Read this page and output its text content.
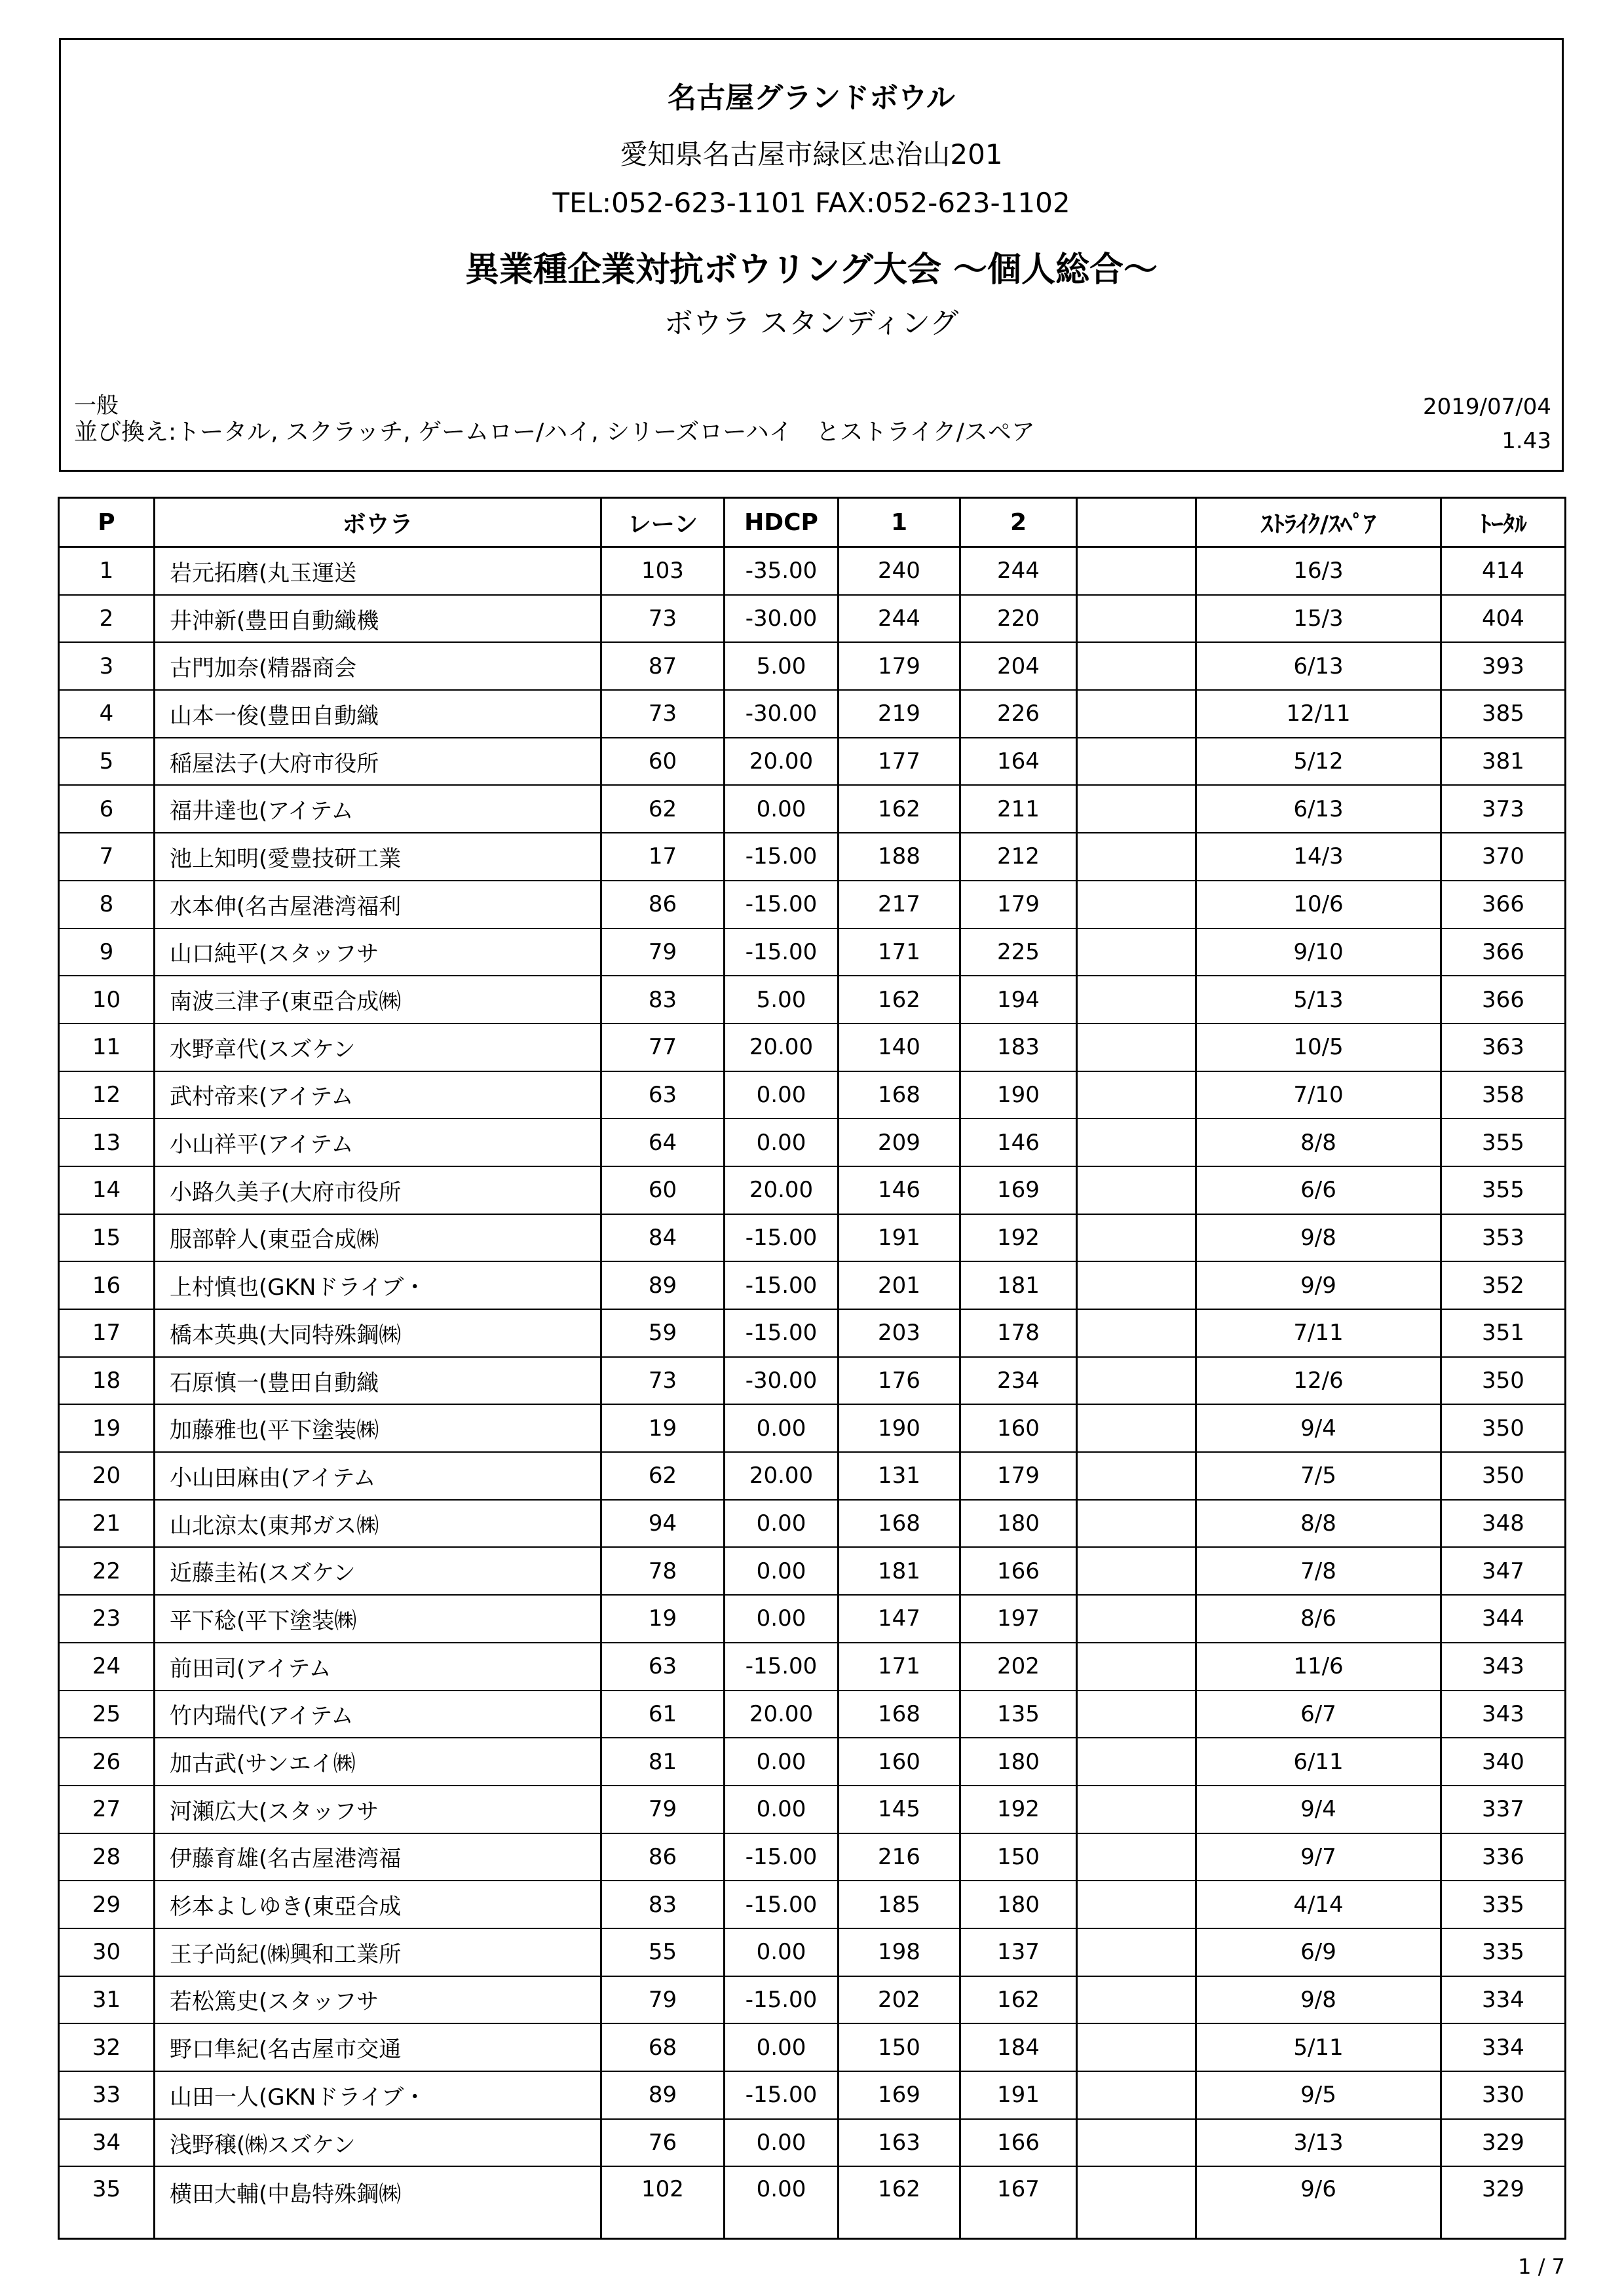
名古屋グランドボウル
愛知県名古屋市緑区忠治山201
TEL:052-623-1101 FAX:052-623-1102
異業種企業対抗ボウリング大会 ～個人総合～
ボウラ スタンディング
一般
並び換え:トータル, スクラッチ, ゲームロー/ハイ, シリーズローハイ　とストライク/スペア
2019/07/04
1.43
P	ボウラ	レーン	HDCP	1	2		ｽﾄﾗｲｸ/ｽﾍﾟｱ	ﾄｰﾀﾙ
1	岩元拓磨(丸玉運送	103	-35.00	240	244		16/3	414
2	井沖新(豊田自動織機	73	-30.00	244	220		15/3	404
3	古門加奈(精器商会	87	5.00	179	204		6/13	393
4	山本一俊(豊田自動織	73	-30.00	219	226		12/11	385
5	稲屋法子(大府市役所	60	20.00	177	164		5/12	381
6	福井達也(アイテム	62	0.00	162	211		6/13	373
7	池上知明(愛豊技研工業	17	-15.00	188	212		14/3	370
8	水本伸(名古屋港湾福利	86	-15.00	217	179		10/6	366
9	山口純平(スタッフサ	79	-15.00	171	225		9/10	366
10	南波三津子(東亞合成㈱	83	5.00	162	194		5/13	366
11	水野章代(スズケン	77	20.00	140	183		10/5	363
12	武村帝来(アイテム	63	0.00	168	190		7/10	358
13	小山祥平(アイテム	64	0.00	209	146		8/8	355
14	小路久美子(大府市役所	60	20.00	146	169		6/6	355
15	服部幹人(東亞合成㈱	84	-15.00	191	192		9/8	353
16	上村慎也(GKNドライブ・	89	-15.00	201	181		9/9	352
17	橋本英典(大同特殊鋼㈱	59	-15.00	203	178		7/11	351
18	石原慎一(豊田自動織	73	-30.00	176	234		12/6	350
19	加藤雅也(平下塗装㈱	19	0.00	190	160		9/4	350
20	小山田麻由(アイテム	62	20.00	131	179		7/5	350
21	山北涼太(東邦ガス㈱	94	0.00	168	180		8/8	348
22	近藤圭祐(スズケン	78	0.00	181	166		7/8	347
23	平下稔(平下塗装㈱	19	0.00	147	197		8/6	344
24	前田司(アイテム	63	-15.00	171	202		11/6	343
25	竹内瑞代(アイテム	61	20.00	168	135		6/7	343
26	加古武(サンエイ㈱	81	0.00	160	180		6/11	340
27	河瀬広大(スタッフサ	79	0.00	145	192		9/4	337
28	伊藤育雄(名古屋港湾福	86	-15.00	216	150		9/7	336
29	杉本よしゆき(東亞合成	83	-15.00	185	180		4/14	335
30	王子尚紀(㈱興和工業所	55	0.00	198	137		6/9	335
31	若松篤史(スタッフサ	79	-15.00	202	162		9/8	334
32	野口隼紀(名古屋市交通	68	0.00	150	184		5/11	334
33	山田一人(GKNドライブ・	89	-15.00	169	191		9/5	330
34	浅野穣(㈱スズケン	76	0.00	163	166		3/13	329
35	横田大輔(中島特殊鋼㈱	102	0.00	162	167		9/6	329
1 / 7
